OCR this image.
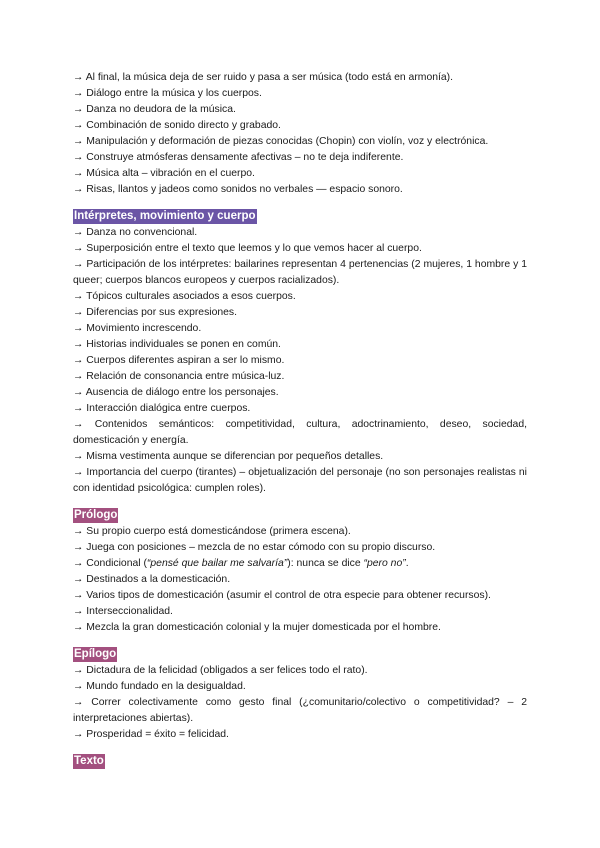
→ Al final, la música deja de ser ruido y pasa a ser música (todo está en armonía).

→ Diálogo entre la música y los cuerpos.

→ Danza no deudora de la música.

→ Combinación de sonido directo y grabado.

→ Manipulación y deformación de piezas conocidas (Chopin) con violín, voz y electrónica.

→ Construye atmósferas densamente afectivas – no te deja indiferente.

→ Música alta – vibración en el cuerpo.

→ Risas, llantos y jadeos como sonidos no verbales — espacio sonoro.

Intérpretes, movimiento y cuerpo

→ Danza no convencional.

→ Superposición entre el texto que leemos y lo que vemos hacer al cuerpo.

→ Participación de los intérpretes: bailarines representan 4 pertenencias (2 mujeres, 1 hombre y 1 queer; cuerpos blancos europeos y cuerpos racializados).

→ Tópicos culturales asociados a esos cuerpos.

→ Diferencias por sus expresiones.

→ Movimiento increscendo.

→ Historias individuales se ponen en común.

→ Cuerpos diferentes aspiran a ser lo mismo.

→ Relación de consonancia entre música-luz.

→ Ausencia de diálogo entre los personajes.

→ Interacción dialógica entre cuerpos.

→ Contenidos semánticos: competitividad, cultura, adoctrinamiento, deseo, sociedad, domesticación y energía.

→ Misma vestimenta aunque se diferencian por pequeños detalles.

→ Importancia del cuerpo (tirantes) – objetualización del personaje (no son personajes realistas ni con identidad psicológica: cumplen roles).

Prólogo

→ Su propio cuerpo está domesticándose (primera escena).

→ Juega con posiciones – mezcla de no estar cómodo con su propio discurso.

→ Condicional (“pensé que bailar me salvaría”): nunca se dice “pero no”.

→ Destinados a la domesticación.

→ Varios tipos de domesticación (asumir el control de otra especie para obtener recursos).

→ Interseccionalidad.

→ Mezcla la gran domesticación colonial y la mujer domesticada por el hombre.

Epílogo

→ Dictadura de la felicidad (obligados a ser felices todo el rato).

→ Mundo fundado en la desigualdad.

→ Correr colectivamente como gesto final (¿comunitario/colectivo o competitividad? – 2 interpretaciones abiertas).

→ Prosperidad = éxito = felicidad.

Texto
